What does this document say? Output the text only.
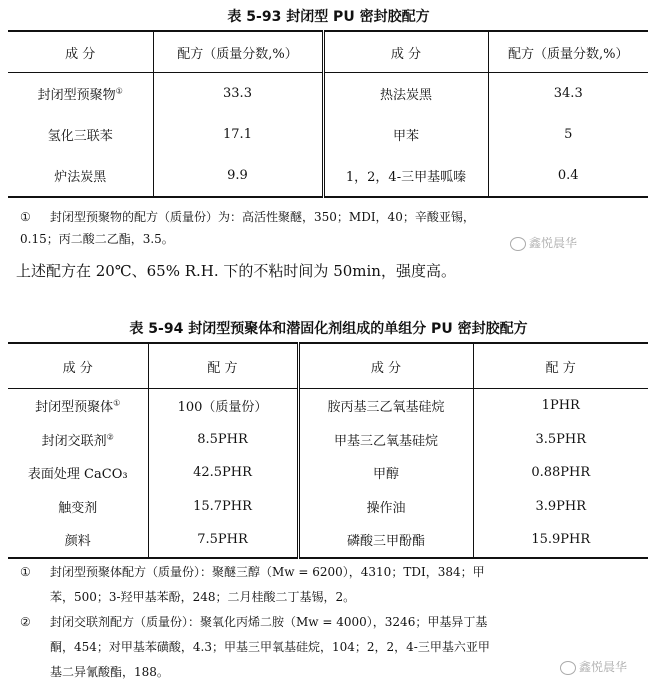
表 5-93 封闭型 PU 密封胶配方
成 分	配方（质量分数,%）	成 分	配方（质量分数,%）
封闭型预聚物①	33.3	热法炭黑	34.3
氢化三联苯	17.1	甲苯	5
炉法炭黑	9.9	1，2，4-三甲基呱嗪	0.4
①	封闭型预聚物的配方（质量份）为：高活性聚醚，350；MDI，40；辛酸亚锡，
0.15；丙二酸二乙酯，3.5。	鑫悦晨华
上述配方在 20℃、65% R.H. 下的不粘时间为 50min，强度高。
表 5-94 封闭型预聚体和潜固化剂组成的单组分 PU 密封胶配方
成 分	配 方	成 分	配 方
封闭型预聚体①	100（质量份）	胺丙基三乙氧基硅烷	1PHR
封闭交联剂②	8.5PHR	甲基三乙氧基硅烷	3.5PHR
表面处理 CaCO₃	42.5PHR	甲醇	0.88PHR
触变剂	15.7PHR	操作油	3.9PHR
颜料	7.5PHR	磷酸三甲酚酯	15.9PHR
①	封闭型预聚体配方（质量份）：聚醚三醇（Mw = 6200），4310；TDI，384；甲
苯，500；3-羟甲基苯酚，248；二月桂酸二丁基锡，2。
②	封闭交联剂配方（质量份）：聚氧化丙烯二胺（Mw = 4000），3246；甲基异丁基
酮，454；对甲基苯磺酸，4.3；甲基三甲氧基硅烷，104；2，2，4-三甲基六亚甲
基二异氰酸酯，188。	鑫悦晨华
